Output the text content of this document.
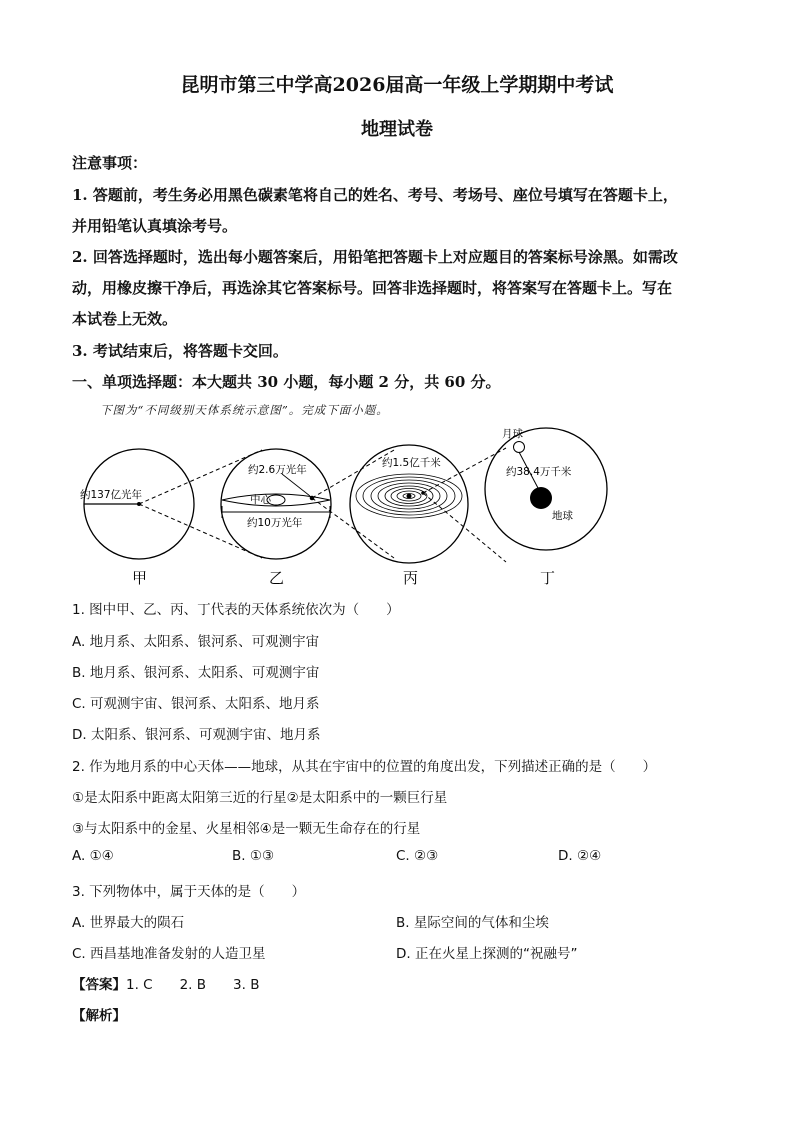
昆明市第三中学高2026届高一年级上学期期中考试
地理试卷
注意事项：
1. 答题前，考生务必用黑色碳素笔将自己的姓名、考号、考场号、座位号填写在答题卡上，
并用铅笔认真填涂考号。
2. 回答选择题时，选出每小题答案后，用铅笔把答题卡上对应题目的答案标号涂黑。如需改
动，用橡皮擦干净后，再选涂其它答案标号。回答非选择题时，将答案写在答题卡上。写在
本试卷上无效。
3. 考试结束后，将答题卡交回。
一、单项选择题：本大题共 30 小题，每小题 2 分，共 60 分。
下图为“不同级别天体系统示意图”。完成下面小题。
约137亿光年
约2.6万光年
中心
约10万光年
约1.5亿千米
月球
约38.4万千米
地球
甲	乙	丙	丁
1. 图中甲、乙、丙、丁代表的天体系统依次为（　　）
A. 地月系、太阳系、银河系、可观测宇宙
B. 地月系、银河系、太阳系、可观测宇宙
C. 可观测宇宙、银河系、太阳系、地月系
D. 太阳系、银河系、可观测宇宙、地月系
2. 作为地月系的中心天体——地球，从其在宇宙中的位置的角度出发，下列描述正确的是（　　）
①是太阳系中距离太阳第三近的行星②是太阳系中的一颗巨行星
③与太阳系中的金星、火星相邻④是一颗无生命存在的行星
A. ①④	B. ①③	C. ②③	D. ②④
3. 下列物体中，属于天体的是（　　）
A. 世界最大的陨石	B. 星际空间的气体和尘埃
C. 西昌基地准备发射的人造卫星	D. 正在火星上探测的“祝融号”
【答案】1. C　　2. B　　3. B
【解析】
